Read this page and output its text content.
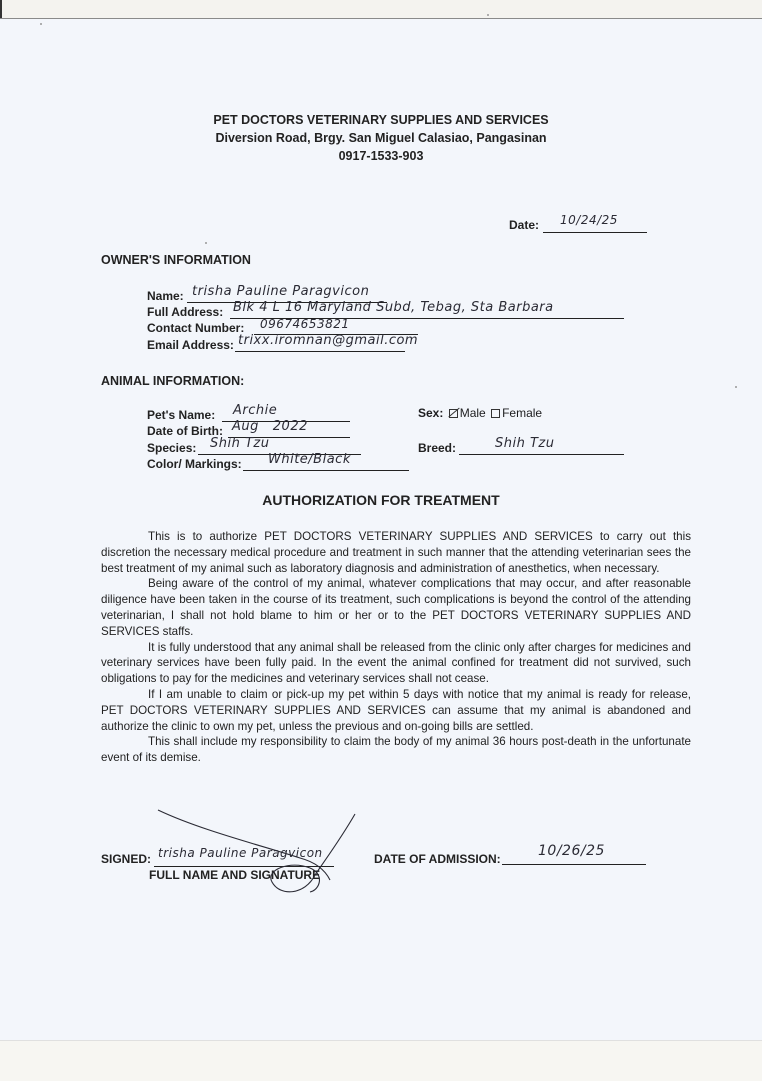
PET DOCTORS VETERINARY SUPPLIES AND SERVICES
Diversion Road, Brgy. San Miguel Calasiao, Pangasinan
0917-1533-903
Date: 10/24/25
OWNER'S INFORMATION
Name: trisha Pauline Paragvicon
Full Address: Blk 4 L 16 Maryland Subd, Tebag, Sta Barbara
Contact Number: 09674653821
Email Address: trixx.iromnan@gmail.com
ANIMAL INFORMATION:
Pet's Name: Archie
Date of Birth: Aug   2022
Species: Shih Tzu
Color/ Markings: White/Black
Sex: Male Female
Breed:	Shih Tzu
AUTHORIZATION FOR TREATMENT

This is to authorize PET DOCTORS VETERINARY SUPPLIES AND SERVICES to carry out this discretion the necessary medical procedure and treatment in such manner that the attending veterinarian sees the best treatment of my animal such as laboratory diagnosis and administration of anesthetics, when necessary.

Being aware of the control of my animal, whatever complications that may occur, and after reasonable diligence have been taken in the course of its treatment, such complications is beyond the control of the attending veterinarian, I shall not hold blame to him or her or to the PET DOCTORS VETERINARY SUPPLIES AND SERVICES staffs.

It is fully understood that any animal shall be released from the clinic only after charges for medicines and veterinary services have been fully paid. In the event the animal confined for treatment did not survived, such obligations to pay for the medicines and veterinary services shall not cease.

If I am unable to claim or pick-up my pet within 5 days with notice that my animal is ready for release, PET DOCTORS VETERINARY SUPPLIES AND SERVICES can assume that my animal is abandoned and authorize the clinic to own my pet, unless the previous and on-going bills are settled.

This shall include my responsibility to claim the body of my animal 36 hours post-death in the unfortunate event of its demise.

SIGNED: trisha Pauline Paragvicon
FULL NAME AND SIGNATURE
DATE OF ADMISSION:	10/26/25
